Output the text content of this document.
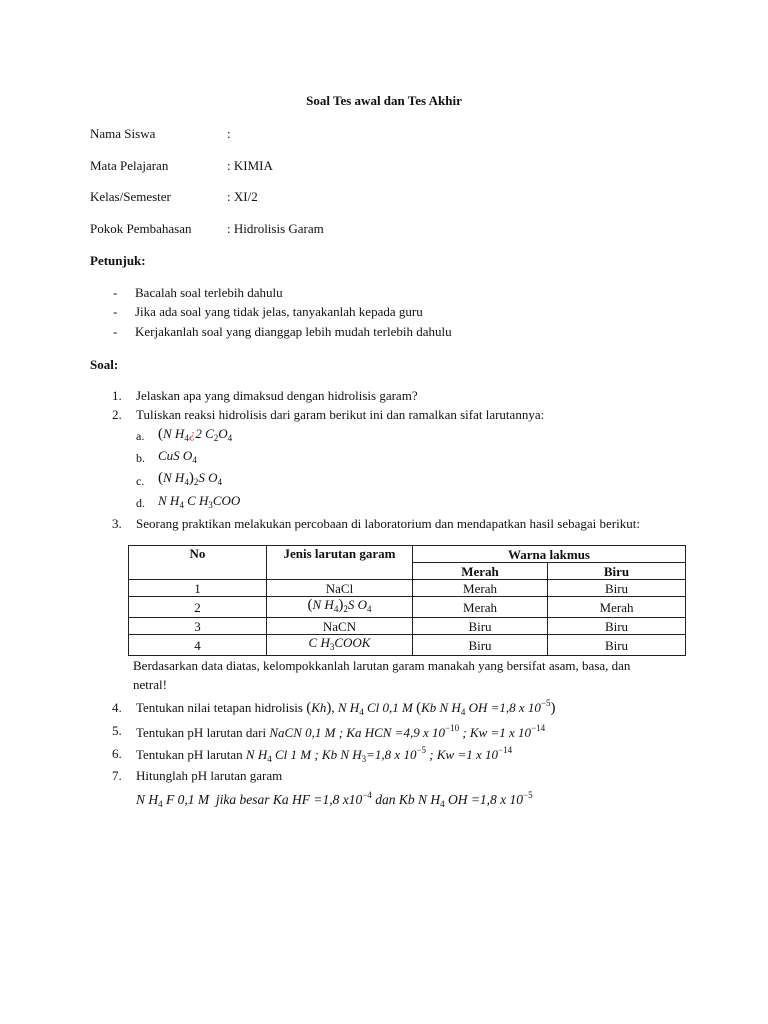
Soal Tes awal dan Tes Akhir
Nama Siswa	:
Mata Pelajaran	: KIMIA
Kelas/Semester	: XI/2
Pokok Pembahasan	: Hidrolisis Garam
Petunjuk:
- Bacalah soal terlebih dahulu
- Jika ada soal yang tidak jelas, tanyakanlah kepada guru
- Kerjakanlah soal yang dianggap lebih mudah terlebih dahulu
Soal:
1. Jelaskan apa yang dimaksud dengan hidrolisis garam?
2. Tuliskan reaksi hidrolisis dari garam berikut ini dan ramalkan sifat larutannya:
a. (N $H_4¿2$ $C_2O_4$
b. CuS $O_4$
c. (N $H_4)_2S$ $O_4$
d. N $H_4$ C $H_3COO$
3. Seorang praktikan melakukan percobaan di laboratorium dan mendapatkan hasil sebagai berikut:
No	Jenis larutan garam	Warna lakmus	
		Merah	Biru
1	NaCl	Merah	Biru
2	(N $H_4)_2S$ $O_4$	Merah	Merah
3	NaCN	Biru	Biru
4	C $H_3COOK$	Biru	Biru
Berdasarkan data diatas, kelompokkanlah larutan garam manakah yang bersifat asam, basa, dan
netral!
4. Tentukan nilai tetapan hidrolisis (Kh), N $H_4$ Cl 0,1 M (Kb N $H_4$ OH =1,8 x $10^{-5}$)
5. Tentukan pH larutan dari NaCN 0,1 M ; Ka HCN =4,9 x $10^{-10}$ ; Kw =1 x $10^{-14}$
6. Tentukan pH larutan N $H_4$ Cl 1 M ; Kb N $H_3=1,8$ x $10^{-5}$ ; Kw =1 x $10^{-14}$
7. Hitunglah pH larutan garam
N $H_4$ F 0,1 M  jika besar Ka HF =1,8 $x10^{-4}$ dan Kb N $H_4$ OH =1,8 x $10^{-5}$
